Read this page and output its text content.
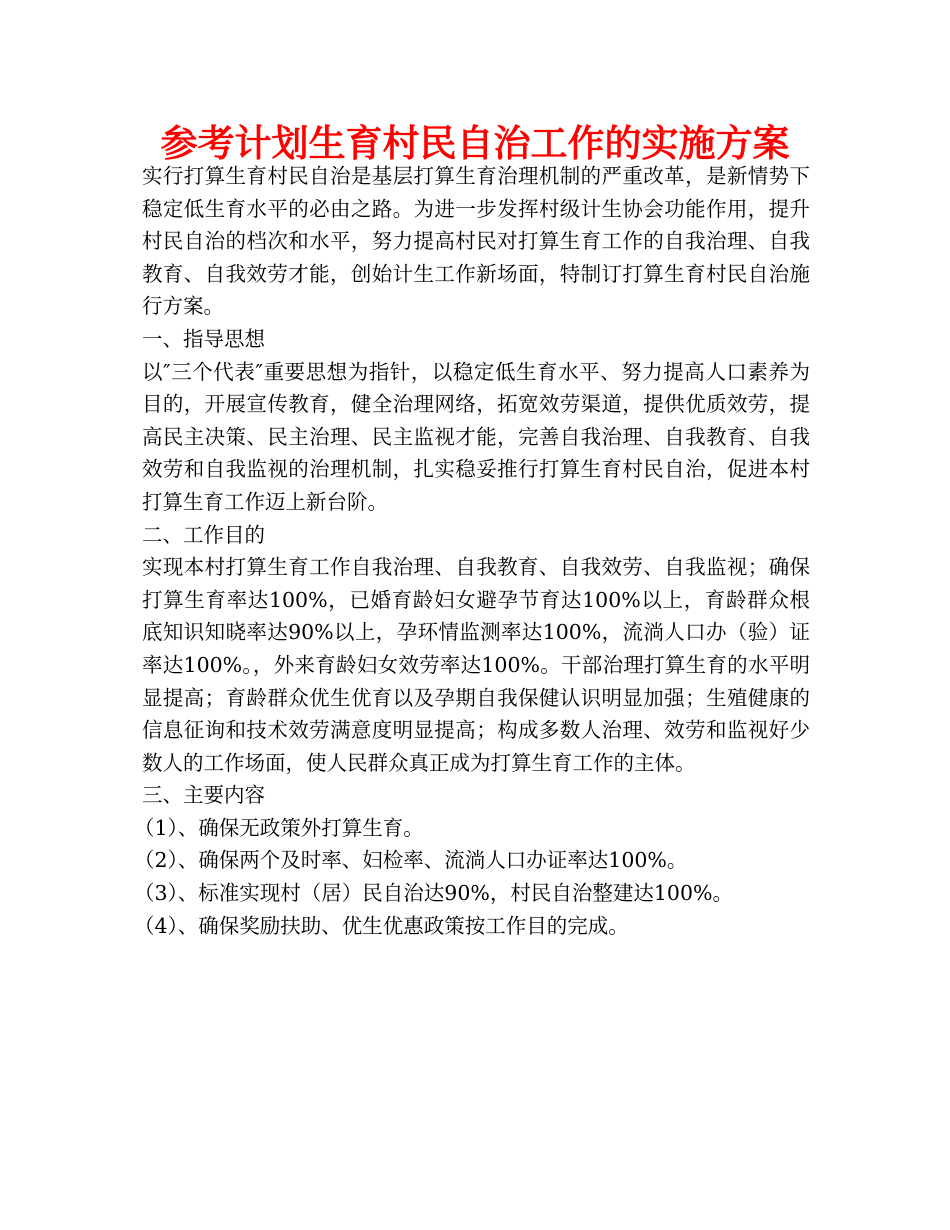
参考计划生育村民自治工作的实施方案

实行打算生育村民自治是基层打算生育治理机制的严重改革，是新情势下稳定低生育水平的必由之路。为进一步发挥村级计生协会功能作用，提升村民自治的档次和水平，努力提高村民对打算生育工作的自我治理、自我教育、自我效劳才能，创始计生工作新场面，特制订打算生育村民自治施行方案。

一、指导思想

以″三个代表″重要思想为指针，以稳定低生育水平、努力提高人口素养为目的，开展宣传教育，健全治理网络，拓宽效劳渠道，提供优质效劳，提高民主决策、民主治理、民主监视才能，完善自我治理、自我教育、自我效劳和自我监视的治理机制，扎实稳妥推行打算生育村民自治，促进本村打算生育工作迈上新台阶。

二、工作目的

实现本村打算生育工作自我治理、自我教育、自我效劳、自我监视；确保打算生育率达100%，已婚育龄妇女避孕节育达100%以上，育龄群众根底知识知晓率达90%以上，孕环情监测率达100%，流淌人口办（验）证率达100%。，外来育龄妇女效劳率达100%。干部治理打算生育的水平明显提高；育龄群众优生优育以及孕期自我保健认识明显加强；生殖健康的信息征询和技术效劳满意度明显提高；构成多数人治理、效劳和监视好少数人的工作场面，使人民群众真正成为打算生育工作的主体。

三、主要内容

（1）、确保无政策外打算生育。

（2）、确保两个及时率、妇检率、流淌人口办证率达100%。

（3）、标准实现村（居）民自治达90%，村民自治整建达100%。

（4）、确保奖励扶助、优生优惠政策按工作目的完成。
